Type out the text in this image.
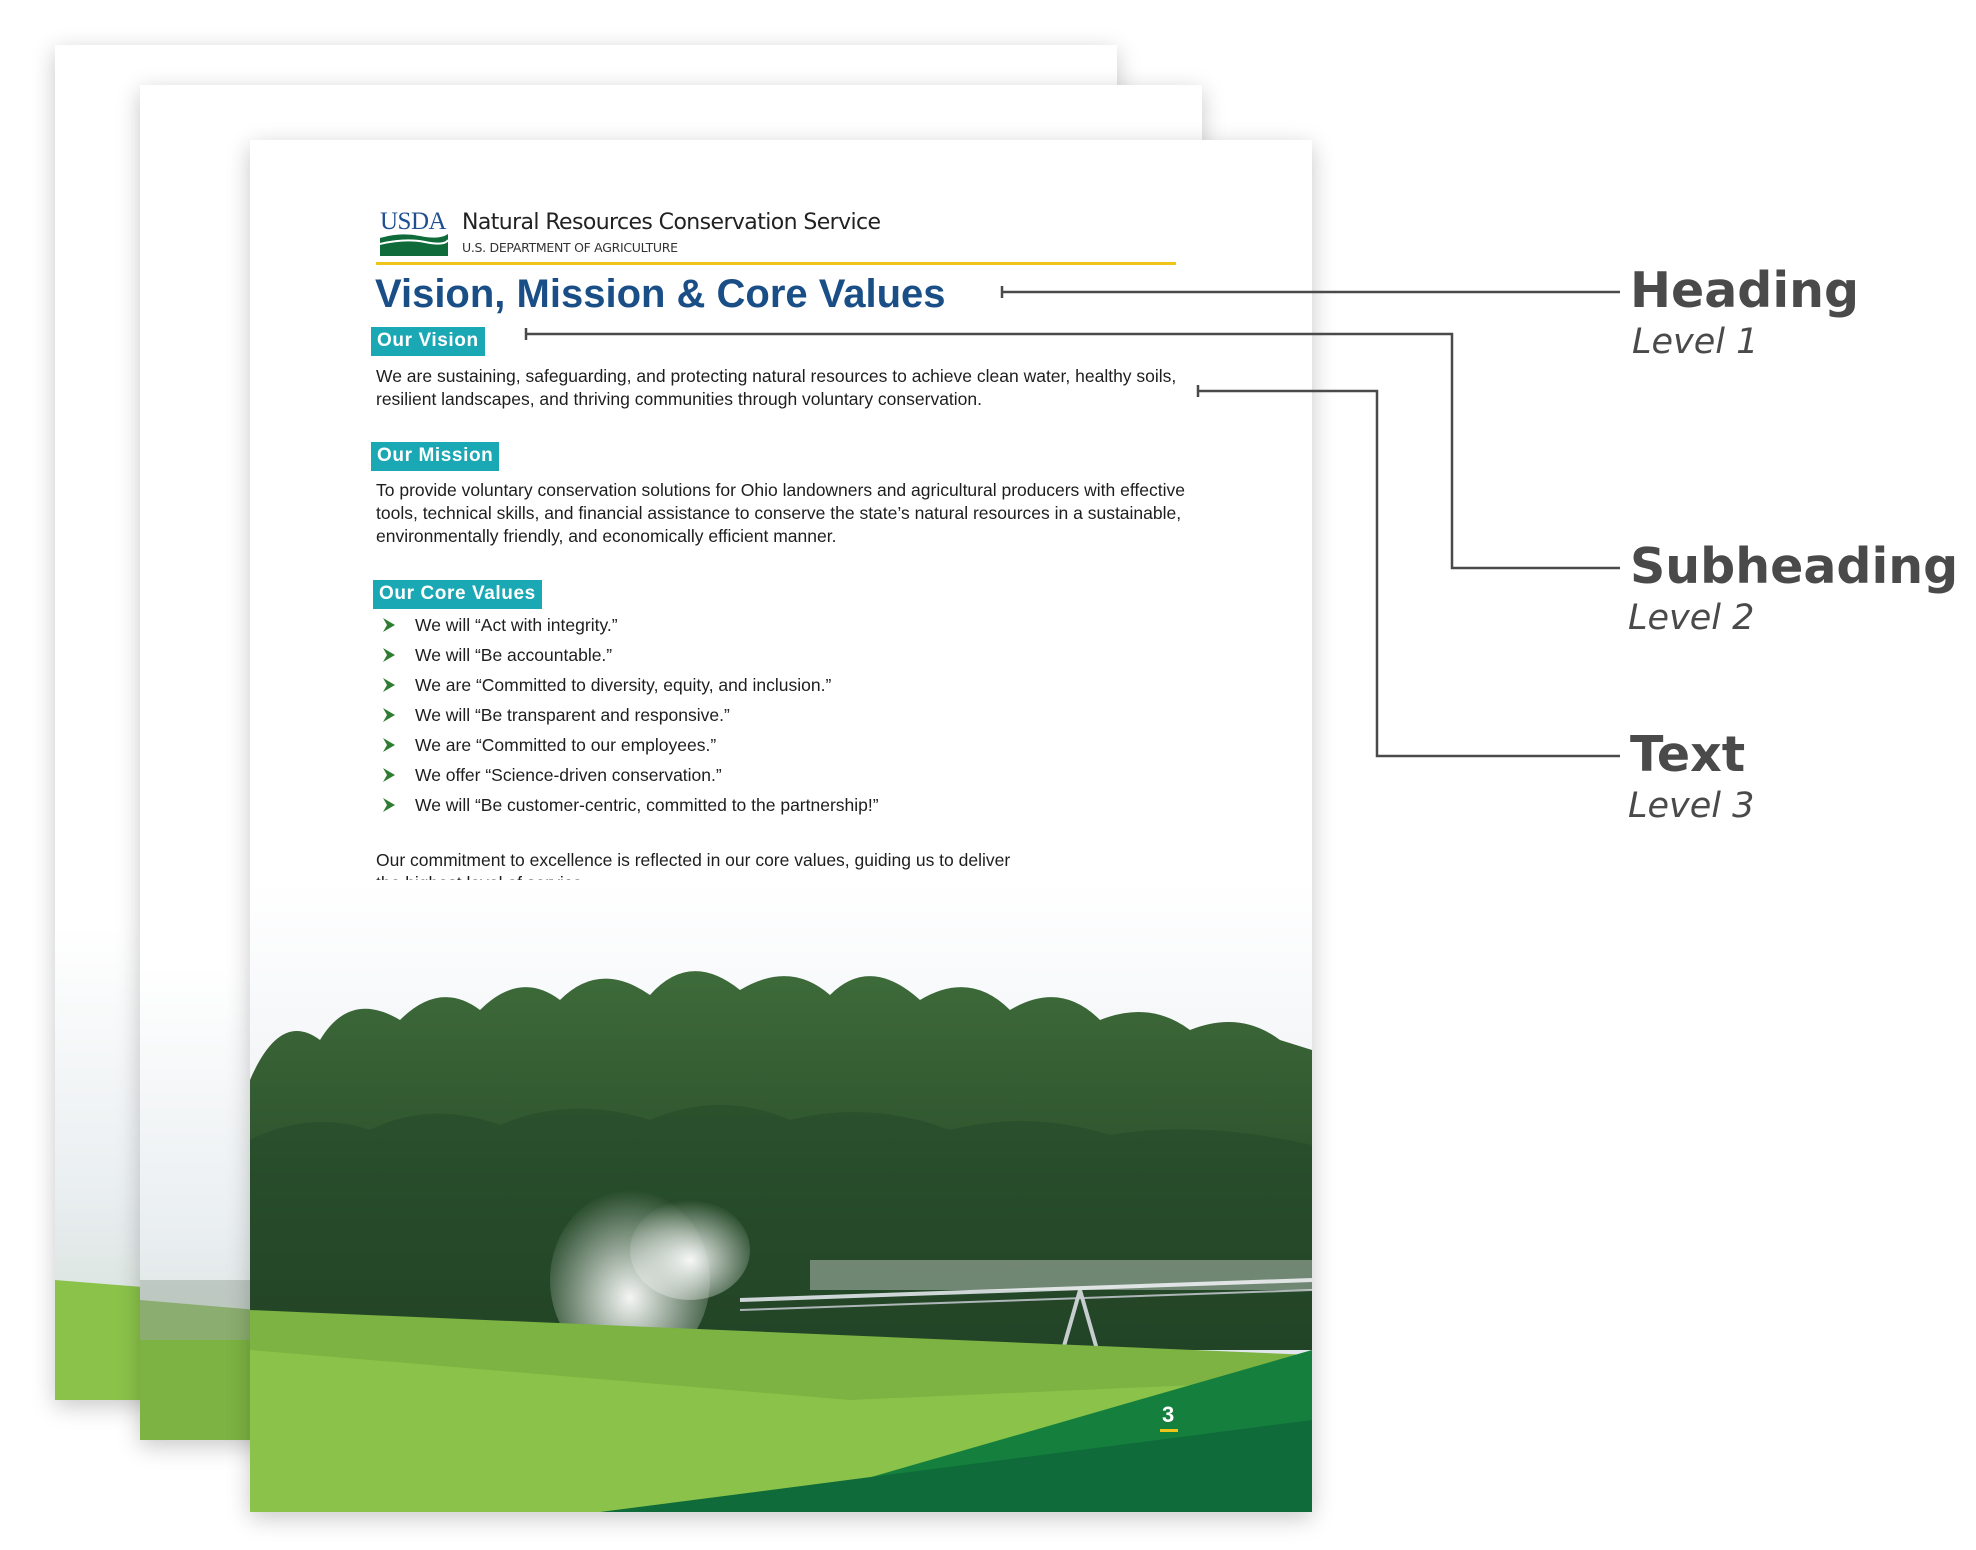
USDA Natural Resources Conservation Service
U.S. DEPARTMENT OF AGRICULTURE
Vision, Mission & Core Values
Our Vision
We are sustaining, safeguarding, and protecting natural resources to achieve clean water, healthy soils, resilient landscapes, and thriving communities through voluntary conservation.
Our Mission
To provide voluntary conservation solutions for Ohio landowners and agricultural producers with effective tools, technical skills, and financial assistance to conserve the state’s natural resources in a sustainable, environmentally friendly, and economically efficient manner.
Our Core Values
We will “Act with integrity.”
We will “Be accountable.”
We are “Committed to diversity, equity, and inclusion.”
We will “Be transparent and responsive.”
We are “Committed to our employees.”
We offer “Science-driven conservation.”
We will “Be customer-centric, committed to the partnership!”
Our commitment to excellence is reflected in our core values, guiding us to deliver
3
Heading
Level 1
Subheading
Level 2
Text
Level 3
